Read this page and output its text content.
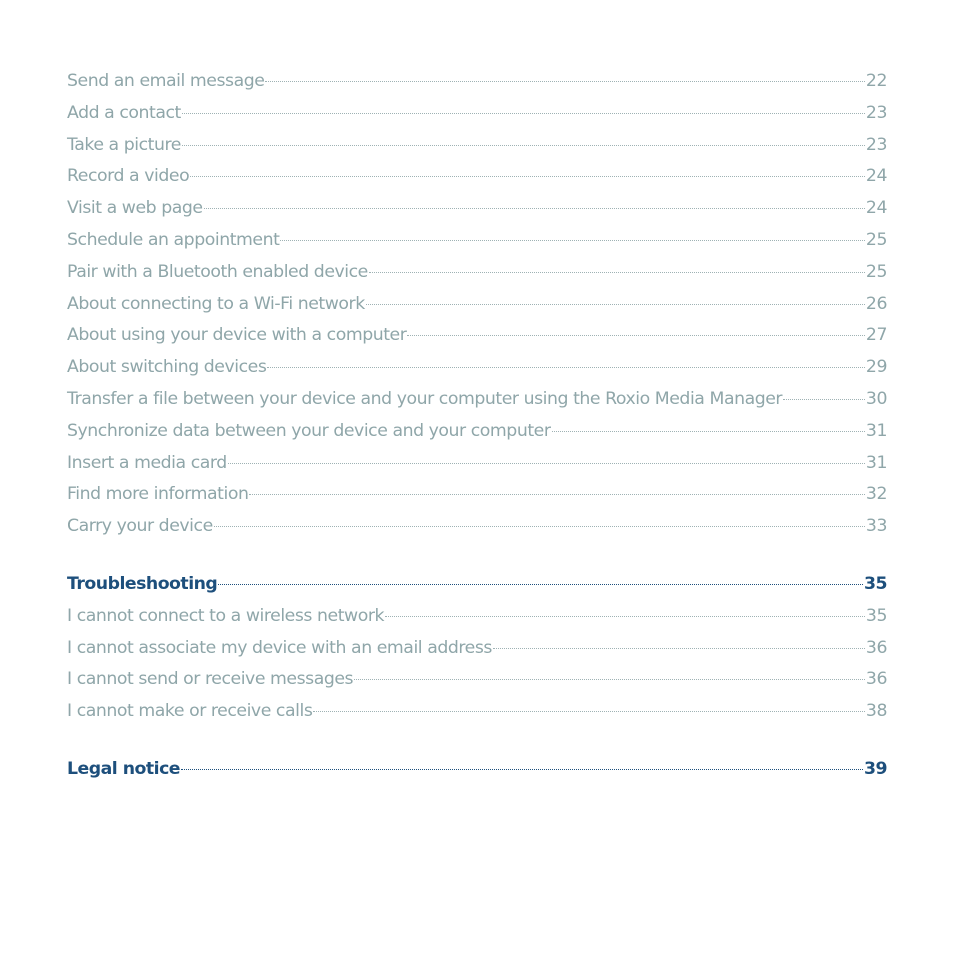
Send an email message	22
Add a contact	23
Take a picture	23
Record a video	24
Visit a web page	24
Schedule an appointment	25
Pair with a Bluetooth enabled device	25
About connecting to a Wi-Fi network	26
About using your device with a computer	27
About switching devices	29
Transfer a file between your device and your computer using the Roxio Media Manager	30
Synchronize data between your device and your computer	31
Insert a media card	31
Find more information	32
Carry your device	33
Troubleshooting	35
I cannot connect to a wireless network	35
I cannot associate my device with an email address	36
I cannot send or receive messages	36
I cannot make or receive calls	38
Legal notice	39
